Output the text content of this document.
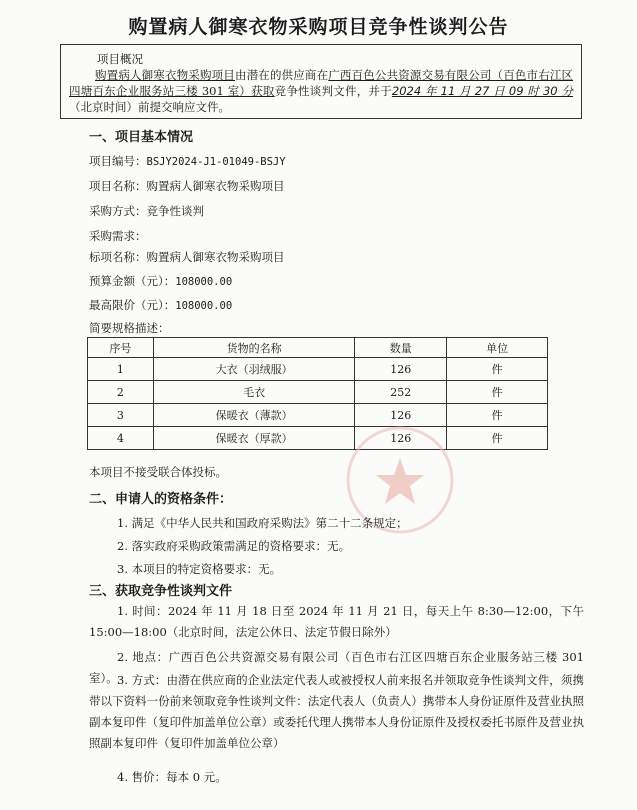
购置病人御寒衣物采购项目竞争性谈判公告
项目概况
购置病人御寒衣物采购项目由潜在的供应商在广西百色公共资源交易有限公司（百色市右江区四塘百东企业服务站三楼 301 室）获取竞争性谈判文件，并于2024 年 11 月 27 日 09 时 30 分（北京时间）前提交响应文件。
一、项目基本情况
项目编号：BSJY2024-J1-01049-BSJY
项目名称：购置病人御寒衣物采购项目
采购方式：竞争性谈判
采购需求：
标项名称：购置病人御寒衣物采购项目
预算金额（元）：108000.00
最高限价（元）：108000.00
简要规格描述：
序号	货物的名称	数量	单位
1	大衣（羽绒服）	126	件
2	毛衣	252	件
3	保暖衣（薄款）	126	件
4	保暖衣（厚款）	126	件
本项目不接受联合体投标。
二、申请人的资格条件：
1. 满足《中华人民共和国政府采购法》第二十二条规定；
2. 落实政府采购政策需满足的资格要求：无。
3. 本项目的特定资格要求：无。
三、获取竞争性谈判文件
1. 时间：2024 年 11 月 18 日至 2024 年 11 月 21 日，每天上午 8:30—12:00，下午 15:00—18:00（北京时间，法定公休日、法定节假日除外）
2. 地点：广西百色公共资源交易有限公司（百色市右江区四塘百东企业服务站三楼 301 室）。 3. 方式：由潜在供应商的企业法定代表人或被授权人前来报名并领取竞争性谈判文件，须携带以下资料一份前来领取竞争性谈判文件：法定代表人（负责人）携带本人身份证原件及营业执照副本复印件（复印件加盖单位公章）或委托代理人携带本人身份证原件及授权委托书原件及营业执照副本复印件（复印件加盖单位公章）
4. 售价：每本 0 元。
